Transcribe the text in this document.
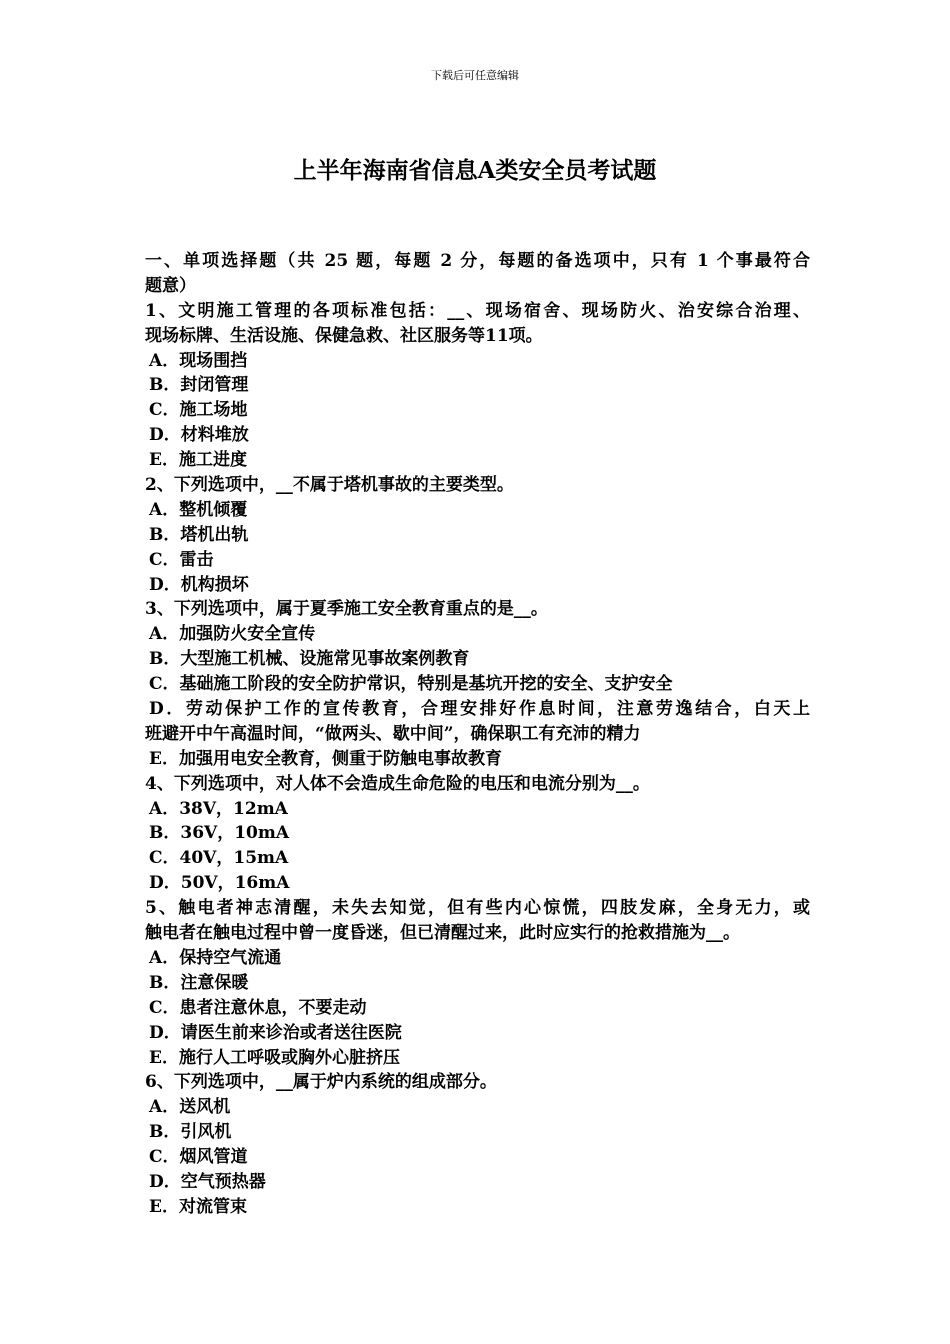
下载后可任意编辑
上半年海南省信息A类安全员考试题
一、单项选择题（共 25 题，每题 2 分，每题的备选项中，只有 1 个事最符合
题意）
1、文明施工管理的各项标准包括：__、现场宿舍、现场防火、治安综合治理、
现场标牌、生活设施、保健急救、社区服务等11项。
A．现场围挡
B．封闭管理
C．施工场地
D．材料堆放
E．施工进度
2、下列选项中，__不属于塔机事故的主要类型。
A．整机倾覆
B．塔机出轨
C．雷击
D．机构损坏
3、下列选项中，属于夏季施工安全教育重点的是__。
A．加强防火安全宣传
B．大型施工机械、设施常见事故案例教育
C．基础施工阶段的安全防护常识，特别是基坑开挖的安全、支护安全
D．劳动保护工作的宣传教育，合理安排好作息时间，注意劳逸结合，白天上
班避开中午高温时间，“做两头、歇中间”，确保职工有充沛的精力
E．加强用电安全教育，侧重于防触电事故教育
4、下列选项中，对人体不会造成生命危险的电压和电流分别为__。
A．38V，12mA
B．36V，10mA
C．40V，15mA
D．50V，16mA
5、触电者神志清醒，未失去知觉，但有些内心惊慌，四肢发麻，全身无力，或
触电者在触电过程中曾一度昏迷，但已清醒过来，此时应实行的抢救措施为__。
A．保持空气流通
B．注意保暖
C．患者注意休息，不要走动
D．请医生前来诊治或者送往医院
E．施行人工呼吸或胸外心脏挤压
6、下列选项中，__属于炉内系统的组成部分。
A．送风机
B．引风机
C．烟风管道
D．空气预热器
E．对流管束
